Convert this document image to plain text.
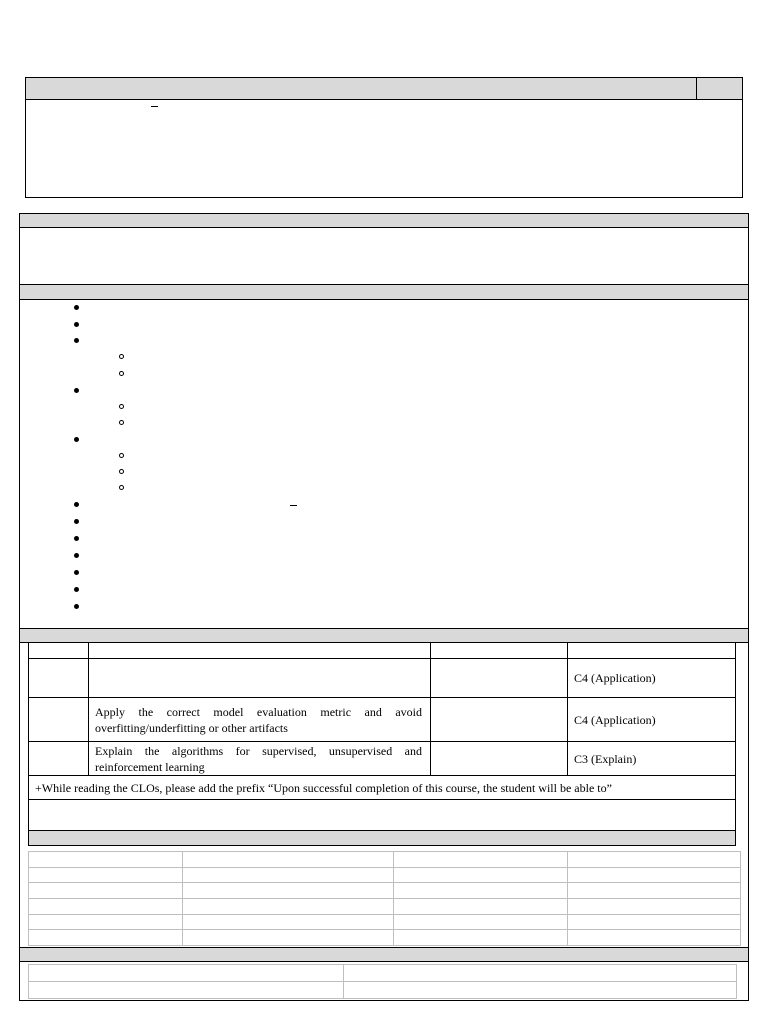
C4 (Application)
Apply the correct model evaluation metric and avoid
overfitting/underfitting or other artifacts
C4 (Application)
Explain the algorithms for supervised, unsupervised and
reinforcement learning
C3 (Explain)
+While reading the CLOs, please add the prefix “Upon successful completion of this course, the student will be able to”
